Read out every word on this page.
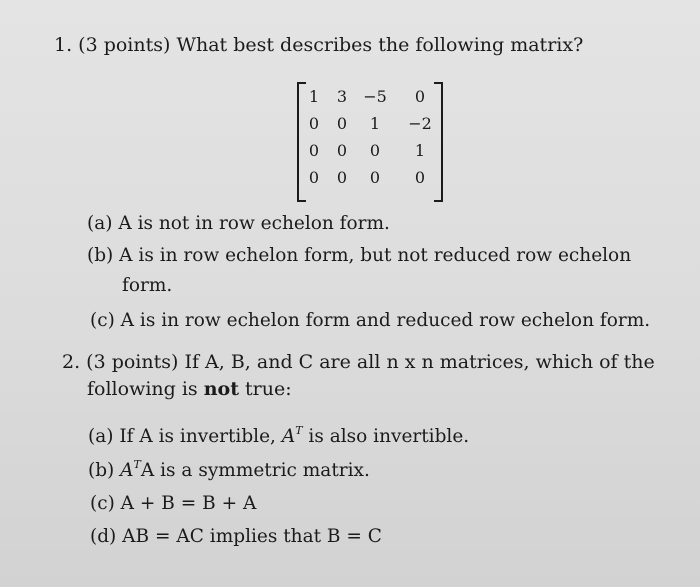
1. (3 points) What best describes the following matrix?
1	3	−5	0
0	0	1	−2
0	0	0	1
0	0	0	0
(a) A is not in row echelon form.
(b) A is in row echelon form, but not reduced row echelon
form.
(c) A is in row echelon form and reduced row echelon form.
2. (3 points) If A, B, and C are all n x n matrices, which of the
following is not true:
(a) If A is invertible, $A^T$ is also invertible.
(b) $A^TA$ is a symmetric matrix.
(c) A + B = B + A
(d) AB = AC implies that B = C
